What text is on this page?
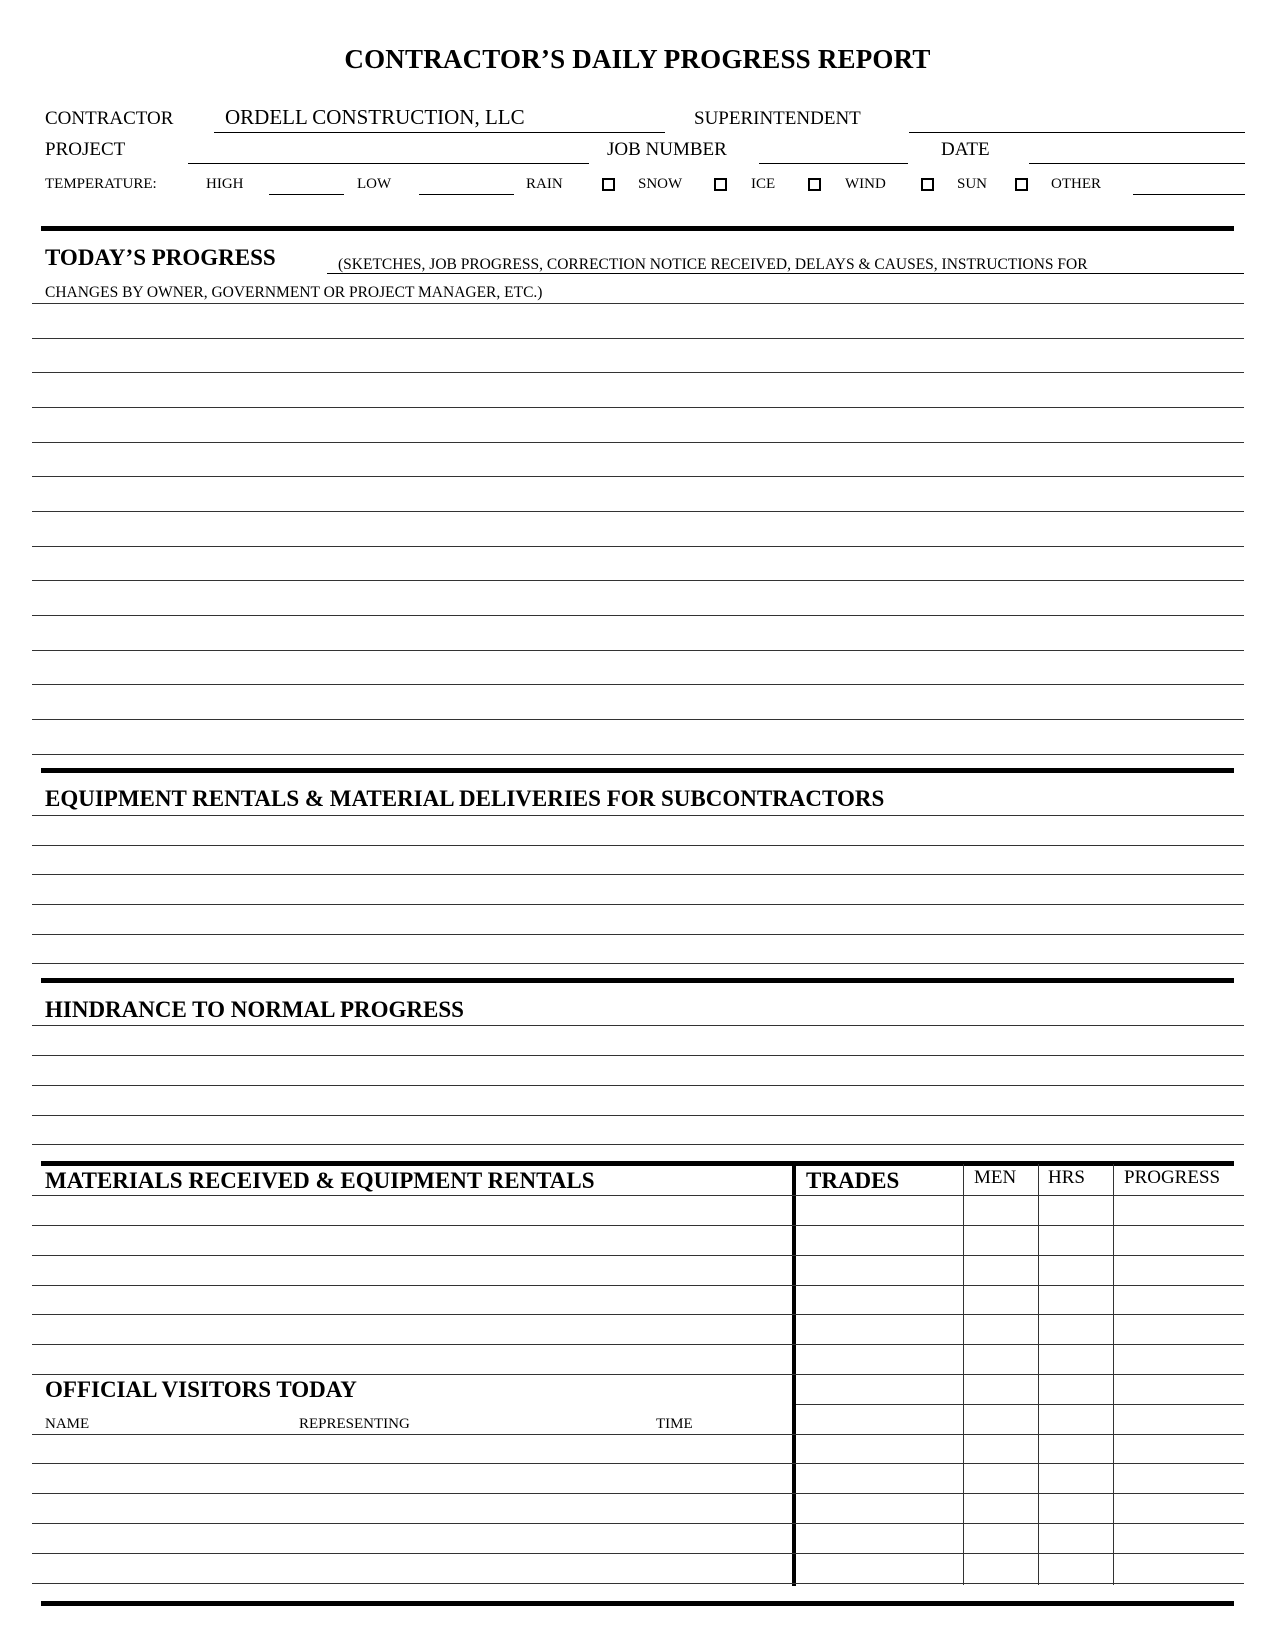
CONTRACTOR’S DAILY PROGRESS REPORT
CONTRACTOR ORDELL CONSTRUCTION, LLC	SUPERINTENDENT
PROJECT	JOB NUMBER	DATE
TEMPERATURE:	HIGH	LOW	RAIN	SNOW	ICE	WIND	SUN	OTHER
TODAY’S PROGRESS	(SKETCHES, JOB PROGRESS, CORRECTION NOTICE RECEIVED, DELAYS & CAUSES, INSTRUCTIONS FOR
CHANGES BY OWNER, GOVERNMENT OR PROJECT MANAGER, ETC.)
EQUIPMENT RENTALS & MATERIAL DELIVERIES FOR SUBCONTRACTORS
HINDRANCE TO NORMAL PROGRESS
MATERIALS RECEIVED & EQUIPMENT RENTALS	TRADES	MEN HRS PROGRESS
OFFICIAL VISITORS TODAY
NAME	REPRESENTING	TIME
